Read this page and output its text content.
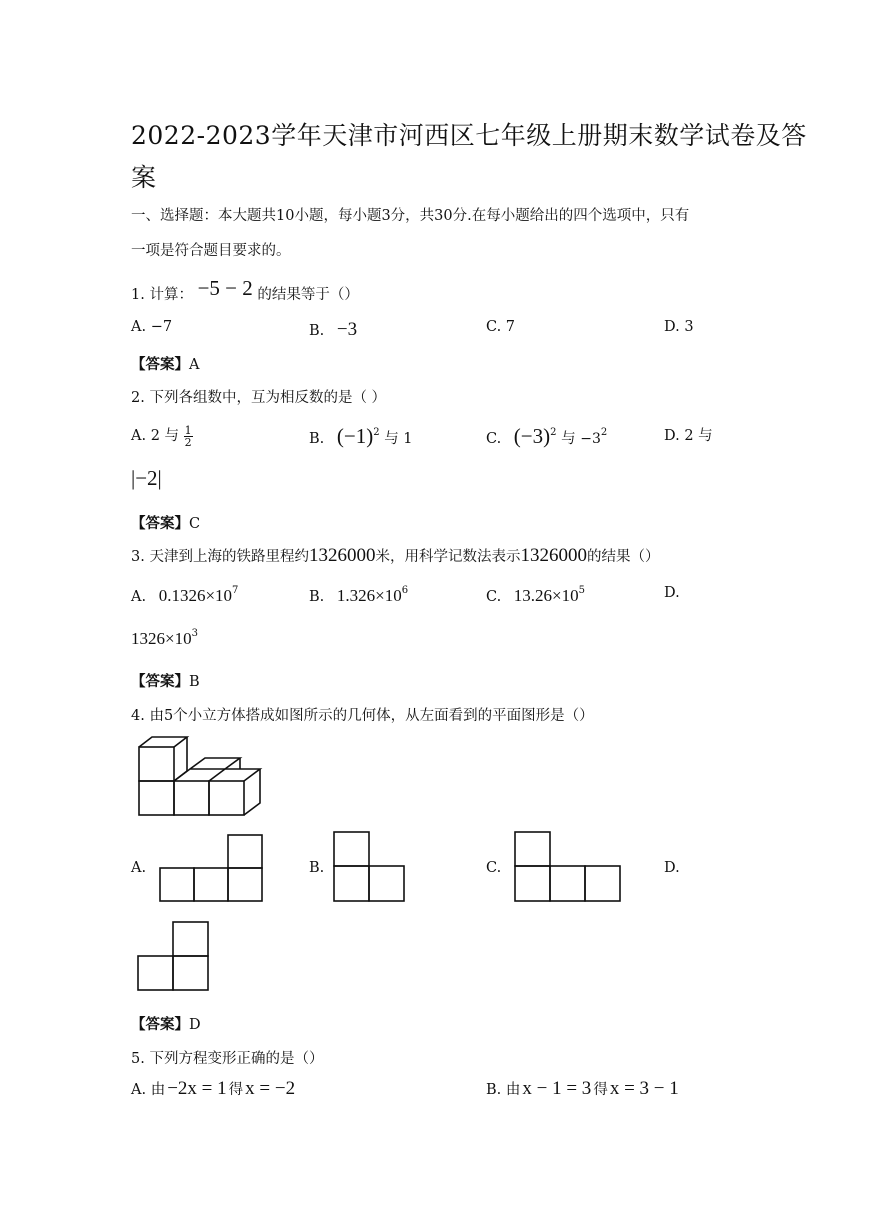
2022-2023学年天津市河西区七年级上册期末数学试卷及答
案
一、选择题：本大题共10小题，每小题3分，共30分.在每小题给出的四个选项中，只有
一项是符合题目要求的。
1. 计算： −5 − 2 的结果等于（）
A. −7	B. −3	C. 7	D. 3
【答案】A
2. 下列各组数中，互为相反数的是（ ）
A. 2 与 $\frac{1}{2}$	B. $(-1)^2$ 与 1	C. $(-3)^2$ 与 $-3^2$	D. 2 与
|−2|
【答案】C
3. 天津到上海的铁路里程约1326000米，用科学记数法表示1326000的结果（）
A. $0.1326\times 10^7$	B. $1.326\times 10^6$	C. $13.26\times 10^5$	D.
$1326\times 10^3$
【答案】B
4. 由5个小立方体搭成如图所示的几何体，从左面看到的平面图形是（）
A.	B.	C.	D.
【答案】D
5. 下列方程变形正确的是（）
A. 由 −2x = 1 得 x = −2	B. 由 x − 1 = 3 得 x = 3 − 1
